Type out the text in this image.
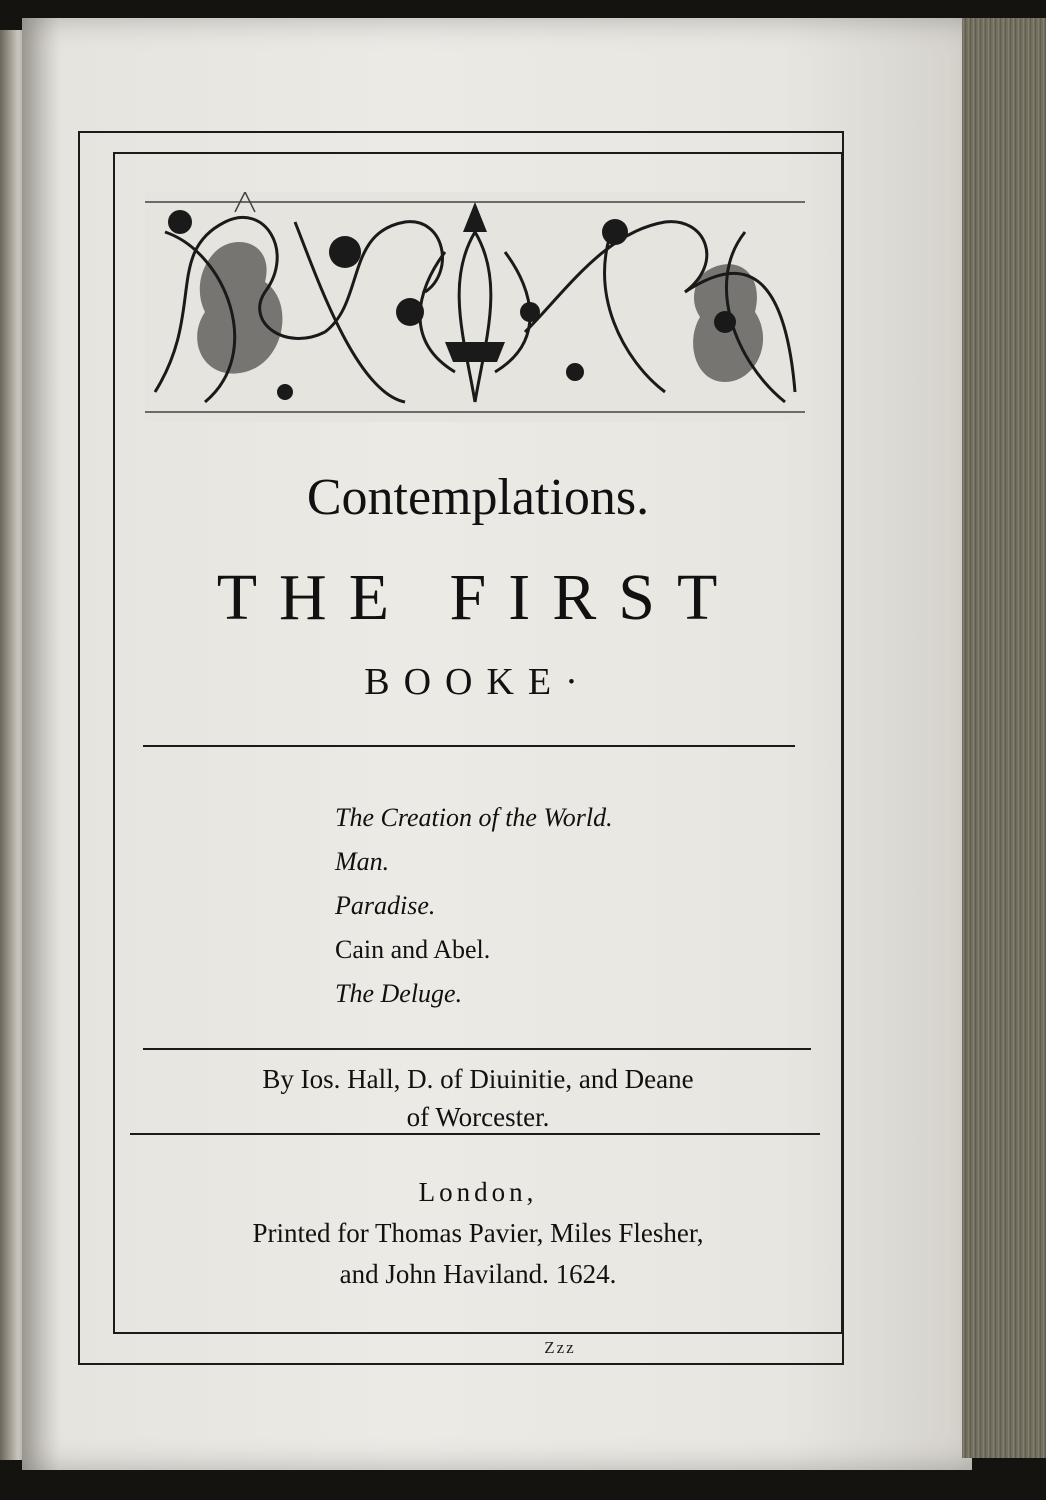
Contemplations.
THE FIRST
BOOKE·
The Creation of the World.
Man.
Paradise.
Cain and Abel.
The Deluge.
By Ios. Hall, D. of Diuinitie, and Deane
of Worcester.
London,
Printed for Thomas Pavier, Miles Flesher,
and John Haviland. 1624.
Zzz
